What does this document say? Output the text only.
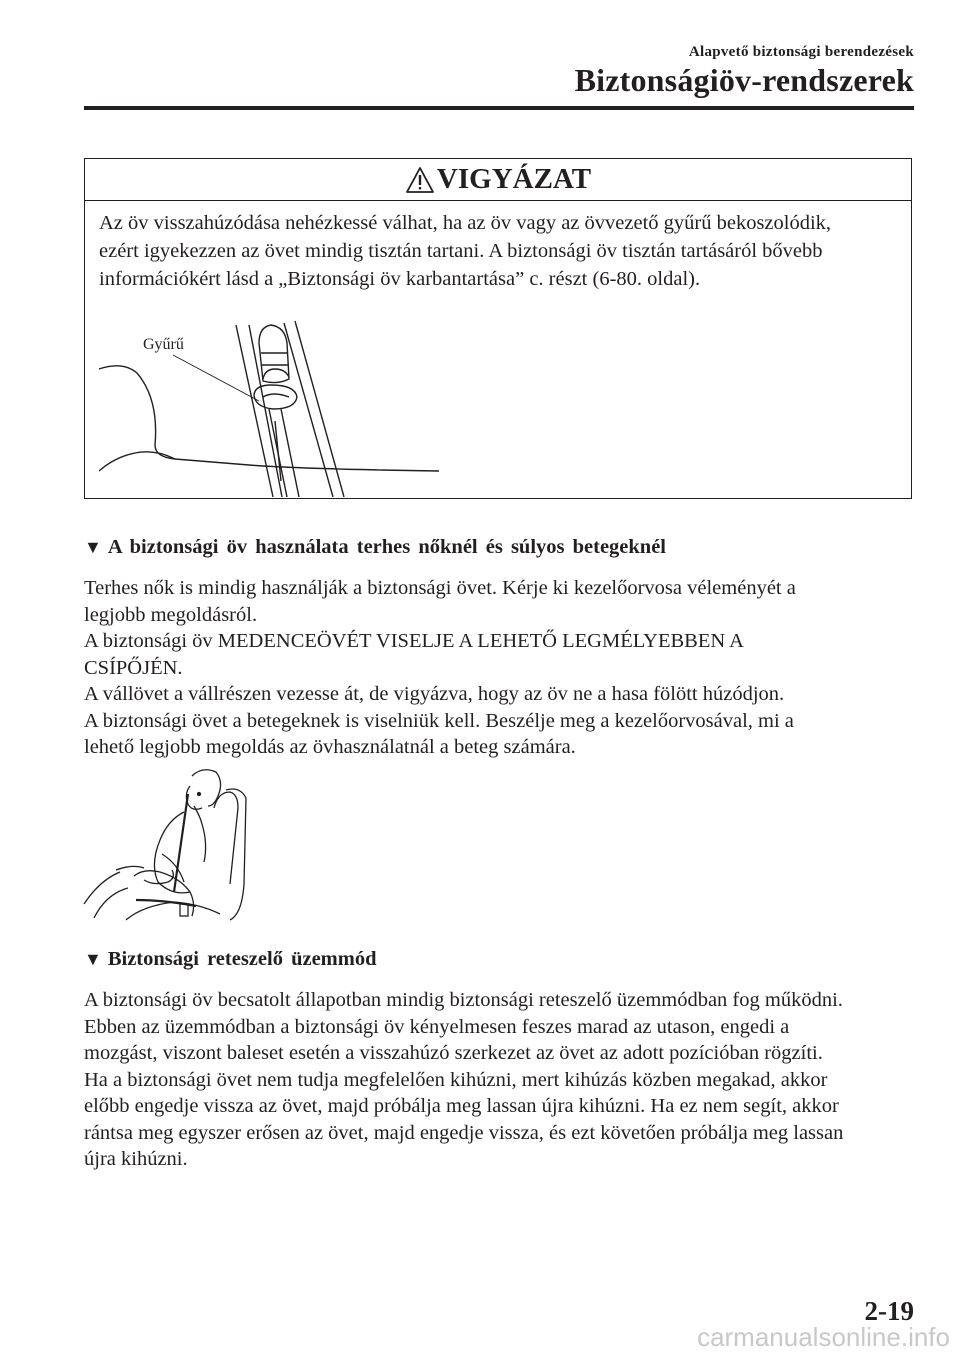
Alapvető biztonsági berendezések
Biztonságiöv-rendszerek
VIGYÁZAT
Az öv visszahúzódása nehézkessé válhat, ha az öv vagy az övvezető gyűrű bekoszolódik,
ezért igyekezzen az övet mindig tisztán tartani. A biztonsági öv tisztán tartásáról bővebb
információkért lásd a „Biztonsági öv karbantartása” c. részt (6-80. oldal).
Gyűrű
▼ A biztonsági öv használata terhes nőknél és súlyos betegeknél
Terhes nők is mindig használják a biztonsági övet. Kérje ki kezelőorvosa véleményét a
legjobb megoldásról.
A biztonsági öv MEDENCEÖVÉT VISELJE A LEHETŐ LEGMÉLYEBBEN A
CSÍPŐJÉN.
A vállövet a vállrészen vezesse át, de vigyázva, hogy az öv ne a hasa fölött húzódjon.
A biztonsági övet a betegeknek is viselniük kell. Beszélje meg a kezelőorvosával, mi a
lehető legjobb megoldás az övhasználatnál a beteg számára.
▼ Biztonsági reteszelő üzemmód
A biztonsági öv becsatolt állapotban mindig biztonsági reteszelő üzemmódban fog működni.
Ebben az üzemmódban a biztonsági öv kényelmesen feszes marad az utason, engedi a
mozgást, viszont baleset esetén a visszahúzó szerkezet az övet az adott pozícióban rögzíti.
Ha a biztonsági övet nem tudja megfelelően kihúzni, mert kihúzás közben megakad, akkor
előbb engedje vissza az övet, majd próbálja meg lassan újra kihúzni. Ha ez nem segít, akkor
rántsa meg egyszer erősen az övet, majd engedje vissza, és ezt követően próbálja meg lassan
újra kihúzni.
2-19
carmanualsonline.info
